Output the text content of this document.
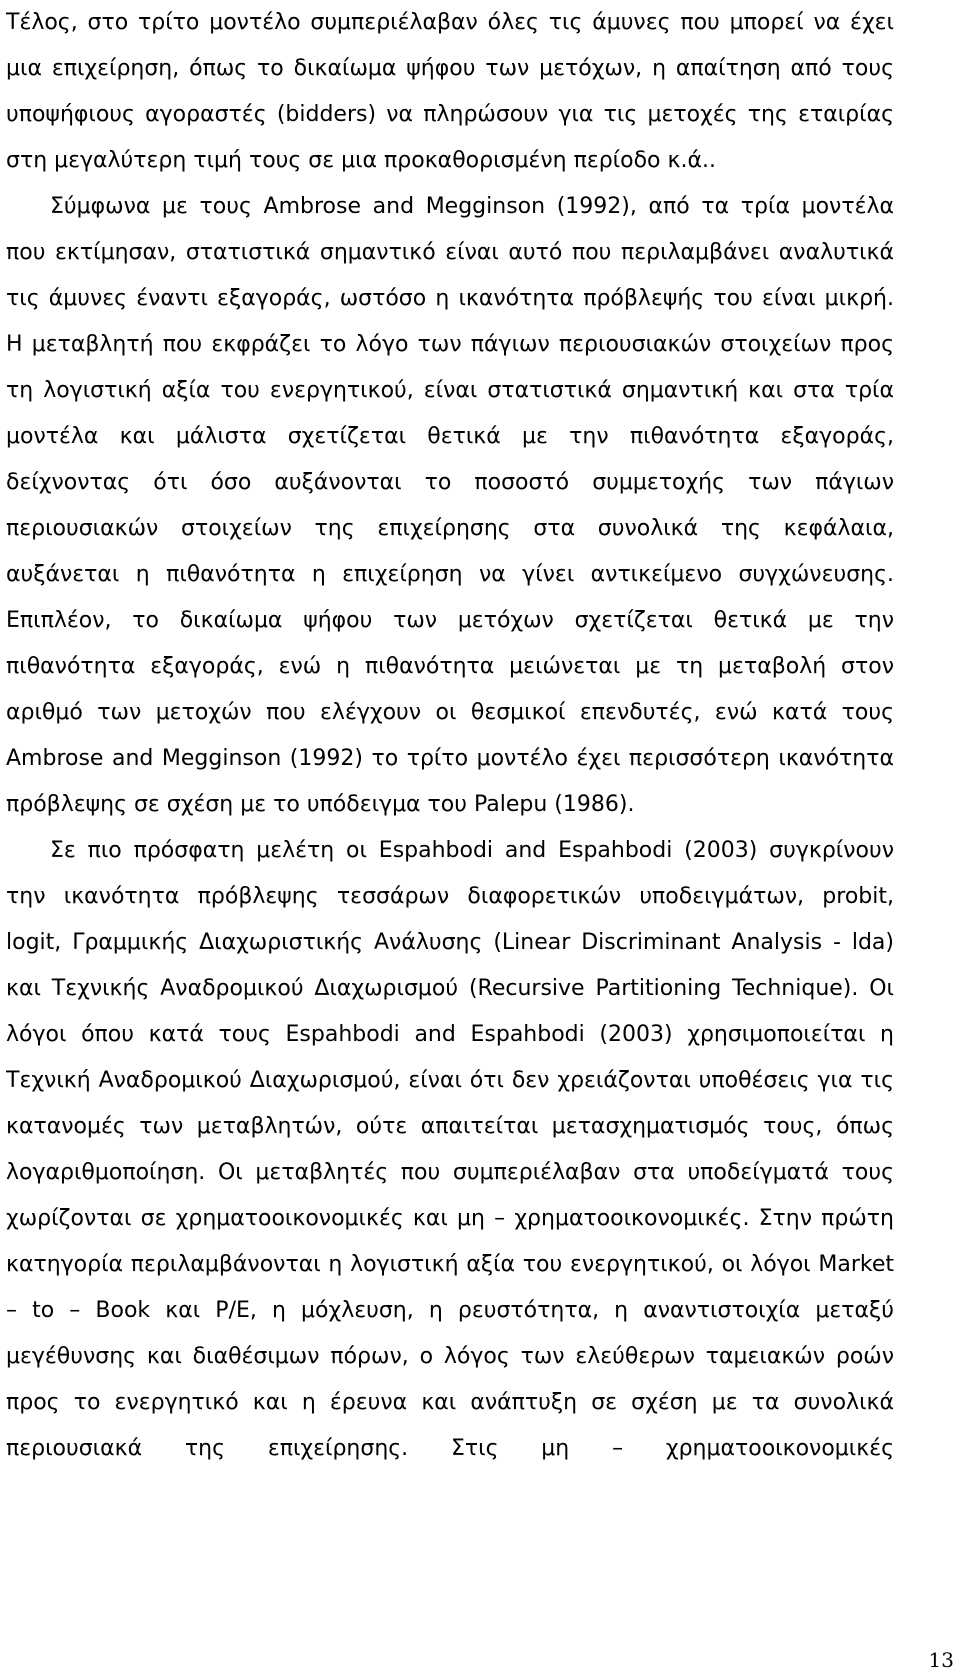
Τέλος, στο τρίτο μοντέλο συμπεριέλαβαν όλες τις άμυνες που μπορεί να έχει
μια επιχείρηση, όπως το δικαίωμα ψήφου των μετόχων, η απαίτηση από τους
υποψήφιους αγοραστές (bidders) να πληρώσουν για τις μετοχές της εταιρίας
στη μεγαλύτερη τιμή τους σε μια προκαθορισμένη περίοδο κ.ά..
Σύμφωνα με τους Ambrose and Megginson (1992), από τα τρία μοντέλα
που εκτίμησαν, στατιστικά σημαντικό είναι αυτό που περιλαμβάνει αναλυτικά
τις άμυνες έναντι εξαγοράς, ωστόσο η ικανότητα πρόβλεψής του είναι μικρή.
Η μεταβλητή που εκφράζει το λόγο των πάγιων περιουσιακών στοιχείων προς
τη λογιστική αξία του ενεργητικού, είναι στατιστικά σημαντική και στα τρία
μοντέλα και μάλιστα σχετίζεται θετικά με την πιθανότητα εξαγοράς,
δείχνοντας ότι όσο αυξάνονται το ποσοστό συμμετοχής των πάγιων
περιουσιακών στοιχείων της επιχείρησης στα συνολικά της κεφάλαια,
αυξάνεται η πιθανότητα η επιχείρηση να γίνει αντικείμενο συγχώνευσης.
Επιπλέον, το δικαίωμα ψήφου των μετόχων σχετίζεται θετικά με την
πιθανότητα εξαγοράς, ενώ η πιθανότητα μειώνεται με τη μεταβολή στον
αριθμό των μετοχών που ελέγχουν οι θεσμικοί επενδυτές, ενώ κατά τους
Ambrose and Megginson (1992) το τρίτο μοντέλο έχει περισσότερη ικανότητα
πρόβλεψης σε σχέση με το υπόδειγμα του Palepu (1986).
Σε πιο πρόσφατη μελέτη οι Espahbodi and Espahbodi (2003) συγκρίνουν
την ικανότητα πρόβλεψης τεσσάρων διαφορετικών υποδειγμάτων, probit,
logit, Γραμμικής Διαχωριστικής Ανάλυσης (Linear Discriminant Analysis - lda)
και Τεχνικής Αναδρομικού Διαχωρισμού (Recursive Partitioning Technique). Οι
λόγοι όπου κατά τους Espahbodi and Espahbodi (2003) χρησιμοποιείται η
Τεχνική Αναδρομικού Διαχωρισμού, είναι ότι δεν χρειάζονται υποθέσεις για τις
κατανομές των μεταβλητών, ούτε απαιτείται μετασχηματισμός τους, όπως
λογαριθμοποίηση. Οι μεταβλητές που συμπεριέλαβαν στα υποδείγματά τους
χωρίζονται σε χρηματοοικονομικές και μη – χρηματοοικονομικές. Στην πρώτη
κατηγορία περιλαμβάνονται η λογιστική αξία του ενεργητικού, οι λόγοι Market
– to – Book και P/E, η μόχλευση, η ρευστότητα, η αναντιστοιχία μεταξύ
μεγέθυνσης και διαθέσιμων πόρων, ο λόγος των ελεύθερων ταμειακών ροών
προς το ενεργητικό και η έρευνα και ανάπτυξη σε σχέση με τα συνολικά
περιουσιακά της επιχείρησης. Στις μη – χρηματοοικονομικές
13
